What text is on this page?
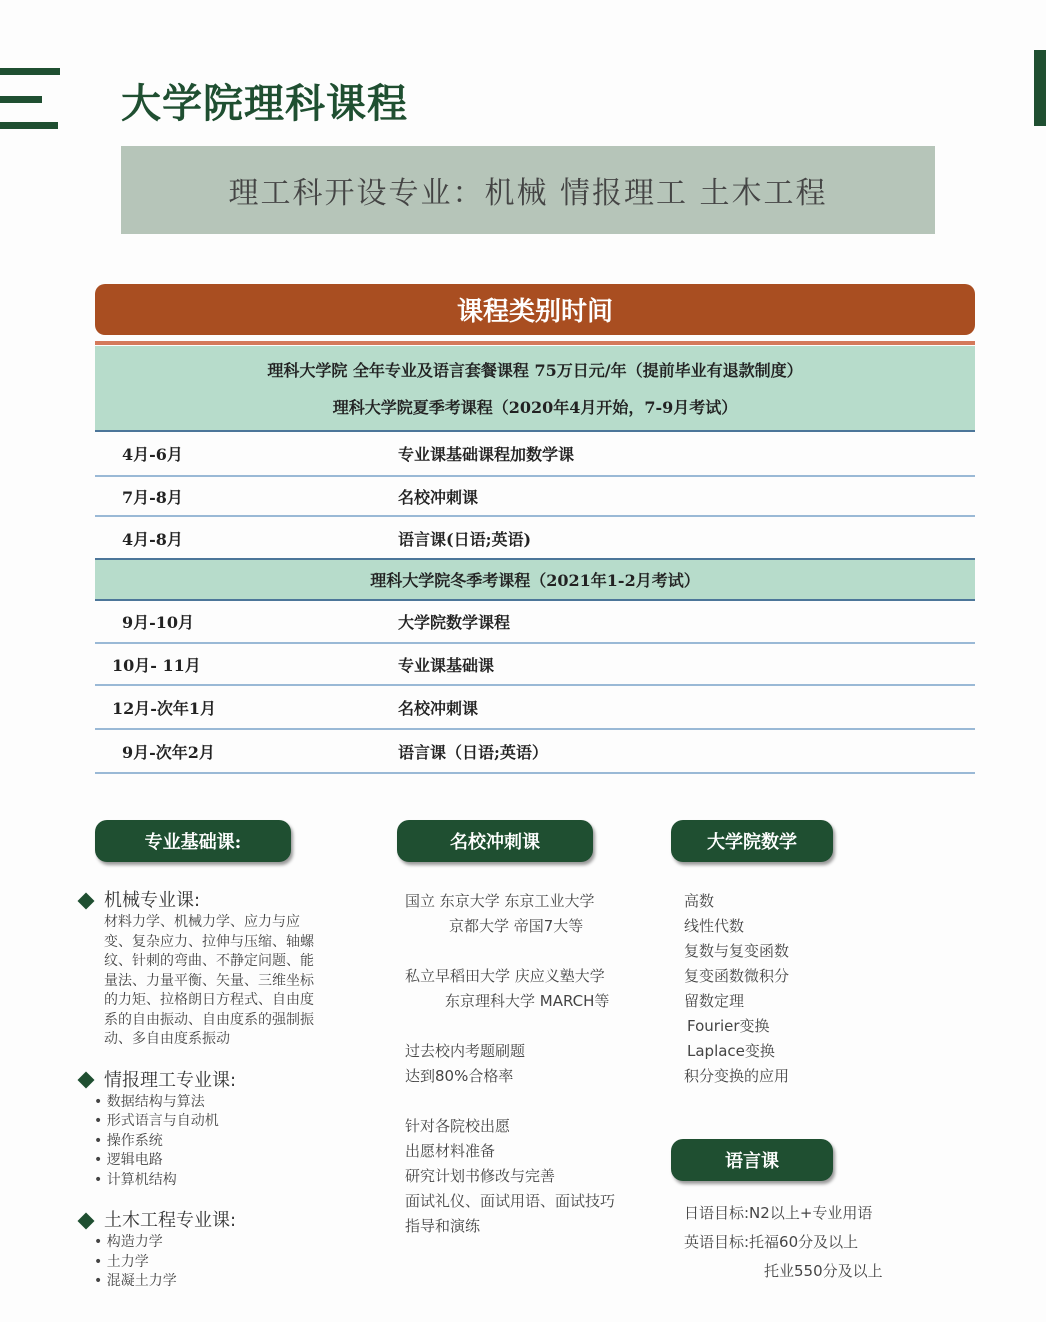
大学院理科课程
理工科开设专业：机械 情报理工 土木工程
课程类别时间
理科大学院 全年专业及语言套餐课程 75万日元/年（提前毕业有退款制度）
理科大学院夏季考课程（2020年4月开始，7-9月考试）
4月-6月	专业课基础课程加数学课
7月-8月	名校冲刺课
4月-8月	语言课(日语;英语)
理科大学院冬季考课程（2021年1-2月考试）
9月-10月	大学院数学课程
10月- 11月	专业课基础课
12月-次年1月	名校冲刺课
9月-次年2月	语言课（日语;英语）
专业基础课:	名校冲刺课	大学院数学
语言课
机械专业课:
材料力学、机械力学、应力与应变、复杂应力、拉伸与压缩、轴螺纹、针刺的弯曲、不静定问题、能量法、力量平衡、矢量、三维坐标的力矩、拉格朗日方程式、自由度系的自由振动、自由度系的强制振动、多自由度系振动
情报理工专业课:
• 数据结构与算法
• 形式语言与自动机
• 操作系统
• 逻辑电路
• 计算机结构
土木工程专业课:
• 构造力学
• 土力学
• 混凝土力学
国立 东京大学 东京工业大学
京都大学 帝国7大等
私立早稻田大学 庆应义塾大学
东京理科大学 MARCH等
过去校内考题刷题
达到80%合格率
针对各院校出愿
出愿材料准备
研究计划书修改与完善
面试礼仪、面试用语、面试技巧
指导和演练
高数
线性代数
复数与复变函数
复变函数微积分
留数定理
Fourier变换
Laplace变换
积分变换的应用
日语目标:N2以上+专业用语
英语目标:托福60分及以上
托业550分及以上
